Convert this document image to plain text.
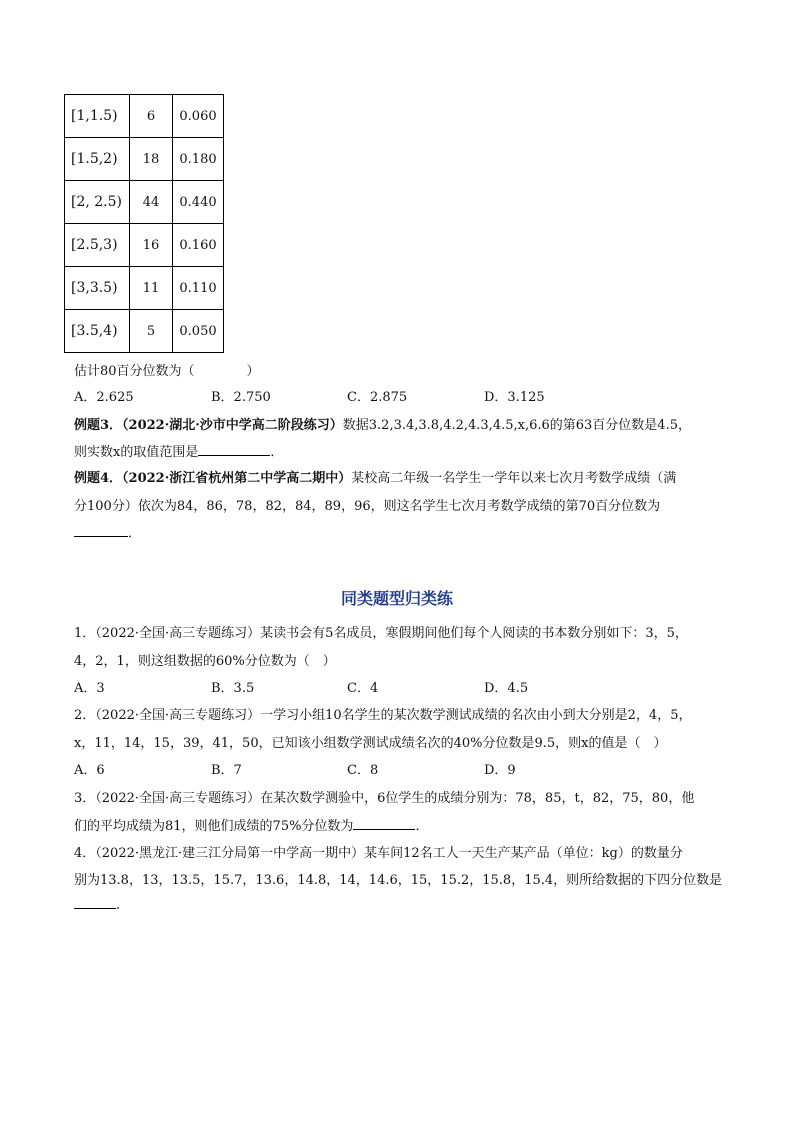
[1,1.5)	6	0.060
[1.5,2)	18	0.180
[2, 2.5)	44	0.440
[2.5,3)	16	0.160
[3,3.5)	11	0.110
[3.5,4)	5	0.050
估计80百分位数为（　　　　）
A．2.625	B．2.750	C．2.875	D．3.125
例题3．（2022·湖北·沙市中学高二阶段练习）数据3.2,3.4,3.8,4.2,4.3,4.5,x,6.6的第63百分位数是4.5，
则实数x的取值范围是	．
例题4．（2022·浙江省杭州第二中学高二期中）某校高二年级一名学生一学年以来七次月考数学成绩（满
分100分）依次为84，86，78，82，84，89，96，则这名学生七次月考数学成绩的第70百分位数为
．
同类题型归类练
1．（2022·全国·高三专题练习）某读书会有5名成员，寒假期间他们每个人阅读的书本数分别如下：3，5，
4，2，1，则这组数据的60%分位数为（　）
A．3	B．3.5	C．4	D．4.5
2．（2022·全国·高三专题练习）一学习小组10名学生的某次数学测试成绩的名次由小到大分别是2，4，5，
x，11，14，15，39，41，50，已知该小组数学测试成绩名次的40%分位数是9.5，则x的值是（　）
A．6	B．7	C．8	D．9
3．（2022·全国·高三专题练习）在某次数学测验中，6位学生的成绩分别为：78，85，t，82，75，80，他
们的平均成绩为81，则他们成绩的75%分位数为	．
4．（2022·黑龙江·建三江分局第一中学高一期中）某车间12名工人一天生产某产品（单位：kg）的数量分
别为13.8，13，13.5，15.7，13.6，14.8，14，14.6，15，15.2，15.8，15.4，则所给数据的下四分位数是
.
